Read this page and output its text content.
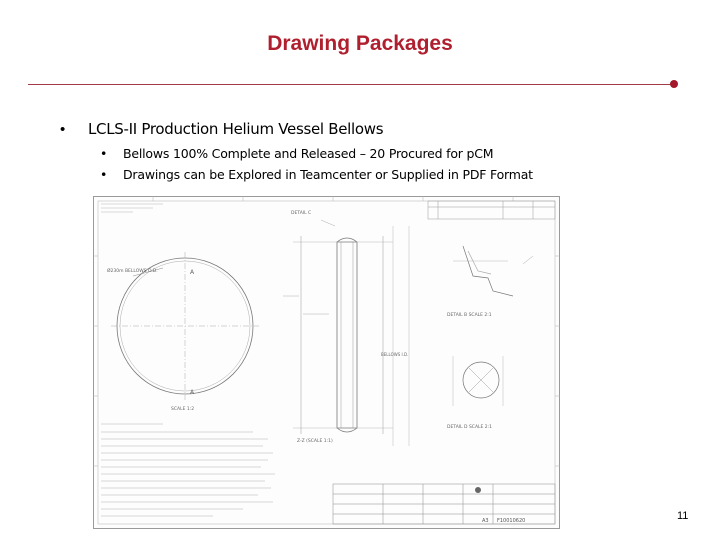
Drawing Packages
• LCLS-II Production Helium Vessel Bellows
• Bellows 100% Complete and Released – 20 Procured for pCM
• Drawings can be Explored in Teamcenter or Supplied in PDF Format
Ø230m BELLOWS O.D.
SCALE 1:2
A
A
DETAIL C
BELLOWS I.D.
Z-Z (SCALE 1:1)
DETAIL B SCALE 2:1
DETAIL D SCALE 2:1
F10010620
A3	11
